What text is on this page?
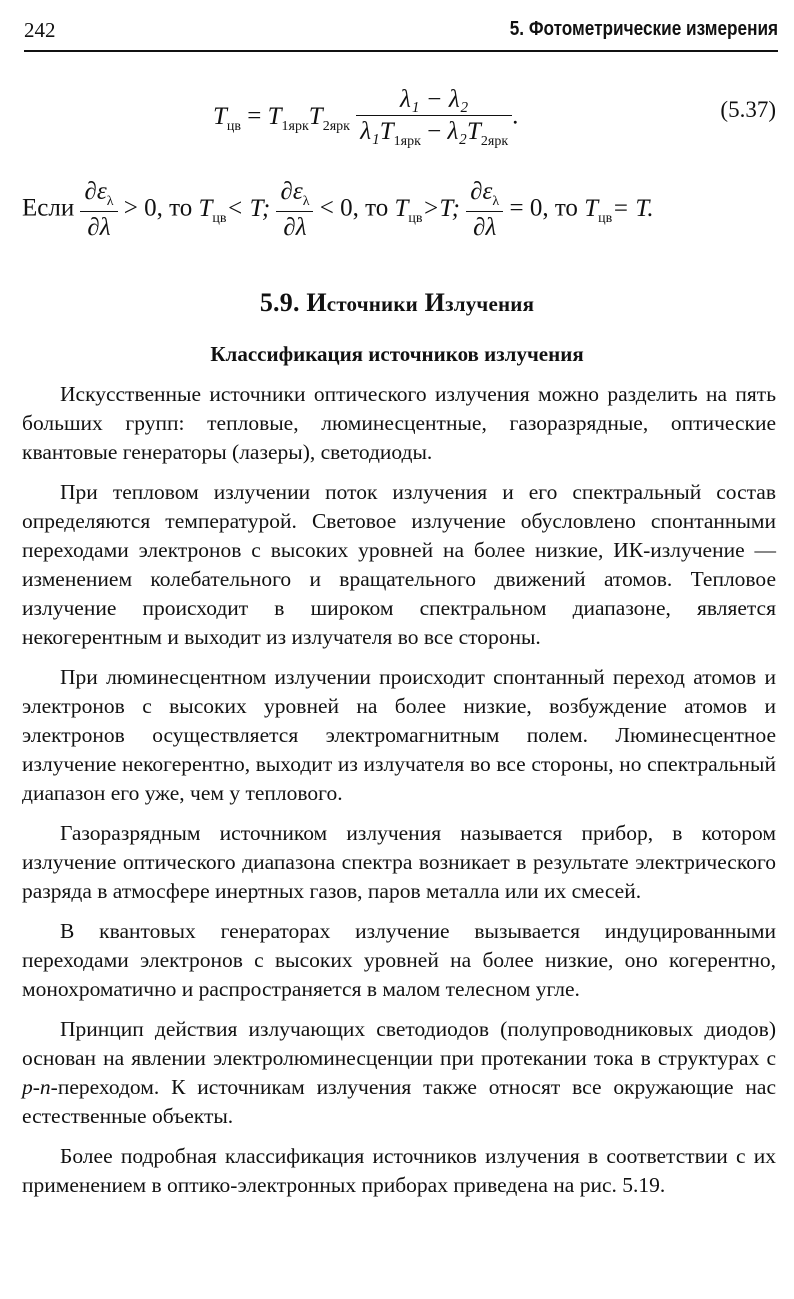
242	5. Фотометрические измерения
$T_{цв} = T_{1ярк}T_{2ярк} \frac{\text{λ₁ − λ₂}}{\lambda_1T_{1ярк} - \lambda_2T_{2ярк}}$ .	(5.37)
Если $\frac{\partial\varepsilon_\lambda}{\partial\lambda} > 0$, то $T_{цв}< T$; $\frac{\partial\varepsilon_\lambda}{\partial\lambda} < 0$, то $T_{цв}>T$; $\frac{\partial\varepsilon_\lambda}{\partial\lambda} = 0$, то $T_{цв}= T$.
5.9. Источники Излучения
Классификация источников излучения

Искусственные источники оптического излучения можно разделить на пять больших групп: тепловые, люминесцентные, газоразрядные, оптические квантовые генераторы (лазеры), светодиоды.

При тепловом излучении поток излучения и его спектральный состав определяются температурой. Световое излучение обусловлено спонтанными переходами электронов с высоких уровней на более низкие, ИК-излучение — изменением колебательного и вращательного движений атомов. Тепловое излучение происходит в широком спектральном диапазоне, является некогерентным и выходит из излучателя во все стороны.

При люминесцентном излучении происходит спонтанный переход атомов и электронов с высоких уровней на более низкие, возбуждение атомов и электронов осуществляется электромагнитным полем. Люминесцентное излучение некогерентно, выходит из излучателя во все стороны, но спектральный диапазон его уже, чем у теплового.

Газоразрядным источником излучения называется прибор, в котором излучение оптического диапазона спектра возникает в результате электрического разряда в атмосфере инертных газов, паров металла или их смесей.

В квантовых генераторах излучение вызывается индуцированными переходами электронов с высоких уровней на более низкие, оно когерентно, монохроматично и распространяется в малом телесном угле.

Принцип действия излучающих светодиодов (полупроводниковых диодов) основан на явлении электролюминесценции при протекании тока в структурах с p-n-переходом. К источникам излучения также относят все окружающие нас естественные объекты.

Более подробная классификация источников излучения в соответствии с их применением в оптико-электронных приборах приведена на рис. 5.19.
